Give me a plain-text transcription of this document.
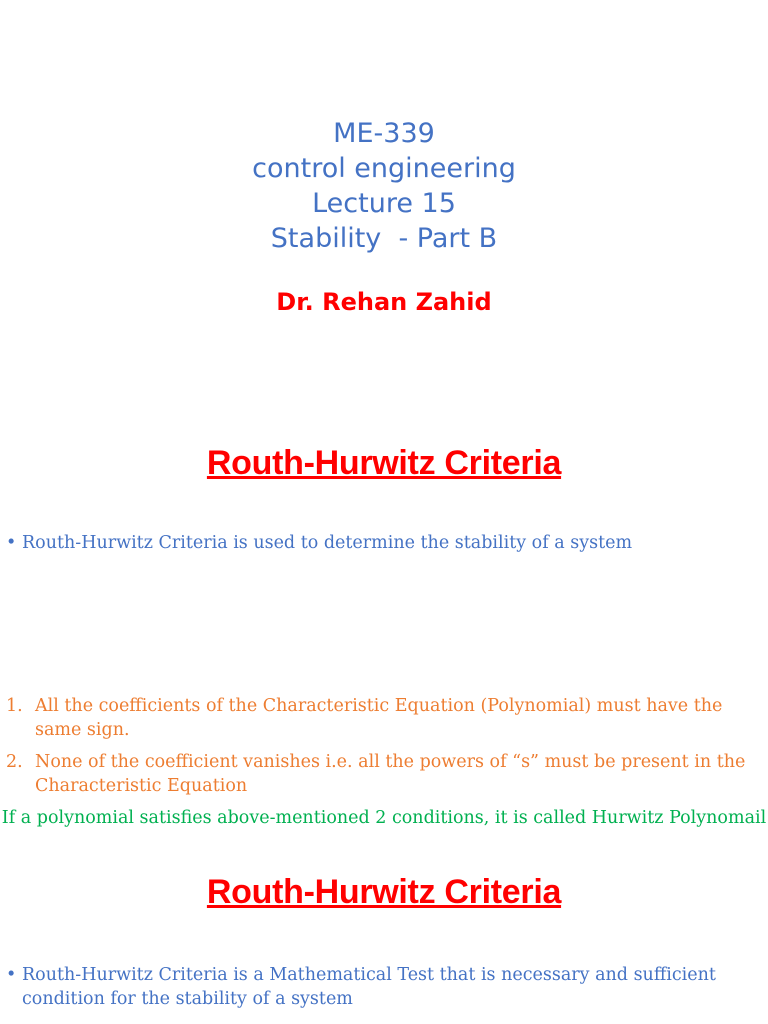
ME-339
control engineering
Lecture 15
Stability  - Part B
Dr. Rehan Zahid
Routh-Hurwitz Criteria
• Routh-Hurwitz Criteria is used to determine the stability of a system
1. All the coefficients of the Characteristic Equation (Polynomial) must have the same sign.
2. None of the coefficient vanishes i.e. all the powers of “s” must be present in the Characteristic Equation
If a polynomial satisfies above-mentioned 2 conditions, it is called Hurwitz Polynomail
Routh-Hurwitz Criteria
• Routh-Hurwitz Criteria is a Mathematical Test that is necessary and sufficient condition for the stability of a system
